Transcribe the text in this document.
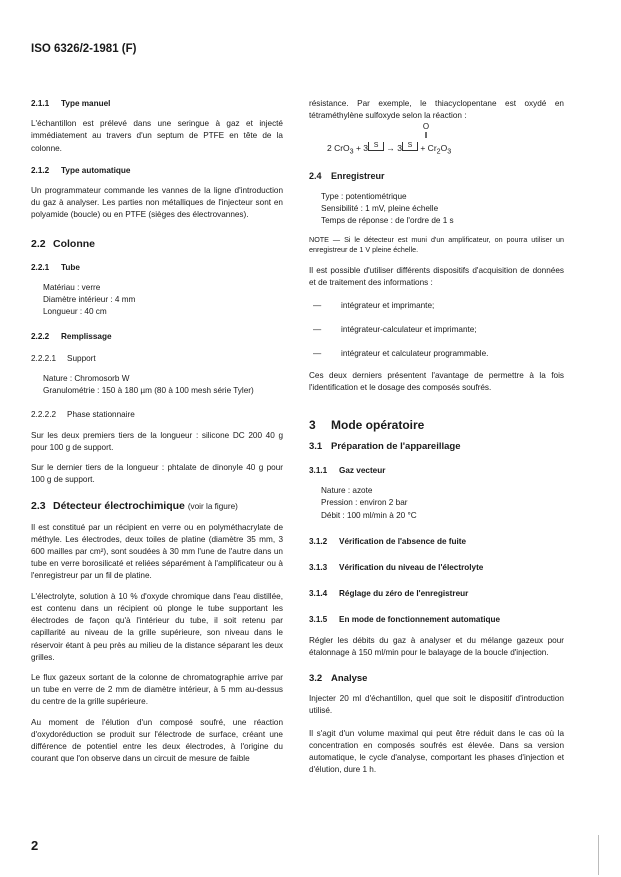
ISO 6326/2-1981 (F)

2.1.1 Type manuel

L'échantillon est prélevé dans une seringue à gaz et injecté immédiatement au travers d'un septum de PTFE en tête de la colonne.

2.1.2 Type automatique

Un programmateur commande les vannes de la ligne d'introduction du gaz à analyser. Les parties non métalliques de l'injecteur sont en polyamide (boucle) ou en PTFE (sièges des électrovannes).

2.2 Colonne

2.2.1 Tube

Matériau : verre
Diamètre intérieur : 4 mm
Longueur : 40 cm

2.2.2 Remplissage

2.2.2.1 Support

Nature : Chromosorb W
Granulométrie : 150 à 180 µm (80 à 100 mesh série Tyler)

2.2.2.2 Phase stationnaire

Sur les deux premiers tiers de la longueur : silicone DC 200 40 g pour 100 g de support.

Sur le dernier tiers de la longueur : phtalate de dinonyle 40 g pour 100 g de support.

2.3 Détecteur électrochimique (voir la figure)

Il est constitué par un récipient en verre ou en polyméthacrylate de méthyle. Les électrodes, deux toiles de platine (diamètre 35 mm, 3 600 mailles par cm²), sont soudées à 30 mm l'une de l'autre dans un tube en verre borosilicaté et reliées séparément à l'amplificateur ou à l'enregistreur par un fil de platine.

L'électrolyte, solution à 10 % d'oxyde chromique dans l'eau distillée, est contenu dans un récipient où plonge le tube supportant les électrodes de façon qu'à l'intérieur du tube, il soit retenu par capillarité au niveau de la grille supérieure, son niveau dans le réservoir étant à peu près au milieu de la distance séparant les deux grilles.

Le flux gazeux sortant de la colonne de chromatographie arrive par un tube en verre de 2 mm de diamètre intérieur, à 5 mm au-dessus du centre de la grille supérieure.

Au moment de l'élution d'un composé soufré, une réaction d'oxydoréduction se produit sur l'électrode de surface, créant une différence de potentiel entre les deux électrodes, à l'origine du courant que l'on observe dans un circuit de mesure de faible

résistance. Par exemple, le thiacyclopentane est oxydé en tétraméthylène sulfoxyde selon la réaction :

2 CrO$_3$ + 3 S → 3 $S + Cr_2O_3$
O
‖

2.4 Enregistreur

Type : potentiométrique
Sensibilité : 1 mV, pleine échelle
Temps de réponse : de l'ordre de 1 s

NOTE — Si le détecteur est muni d'un amplificateur, on pourra utiliser un enregistreur de 1 V pleine échelle.

Il est possible d'utiliser différents dispositifs d'acquisition de données et de traitement des informations :

—	intégrateur et imprimante;

—	intégrateur-calculateur et imprimante;

—	intégrateur et calculateur programmable.

Ces deux derniers présentent l'avantage de permettre à la fois l'identification et le dosage des composés soufrés.

3 Mode opératoire

3.1 Préparation de l'appareillage

3.1.1 Gaz vecteur

Nature : azote
Pression : environ 2 bar
Débit : 100 ml/min à 20 °C

3.1.2 Vérification de l'absence de fuite

3.1.3 Vérification du niveau de l'électrolyte

3.1.4 Réglage du zéro de l'enregistreur

3.1.5 En mode de fonctionnement automatique

Régler les débits du gaz à analyser et du mélange gazeux pour étalonnage à 150 ml/min pour le balayage de la boucle d'injection.

3.2 Analyse

Injecter 20 ml d'échantillon, quel que soit le dispositif d'introduction utilisé.

Il s'agit d'un volume maximal qui peut être réduit dans le cas où la concentration en composés soufrés est élevée. Dans sa version automatique, le cycle d'analyse, comportant les phases d'injection et d'élution, dure 1 h.

2
